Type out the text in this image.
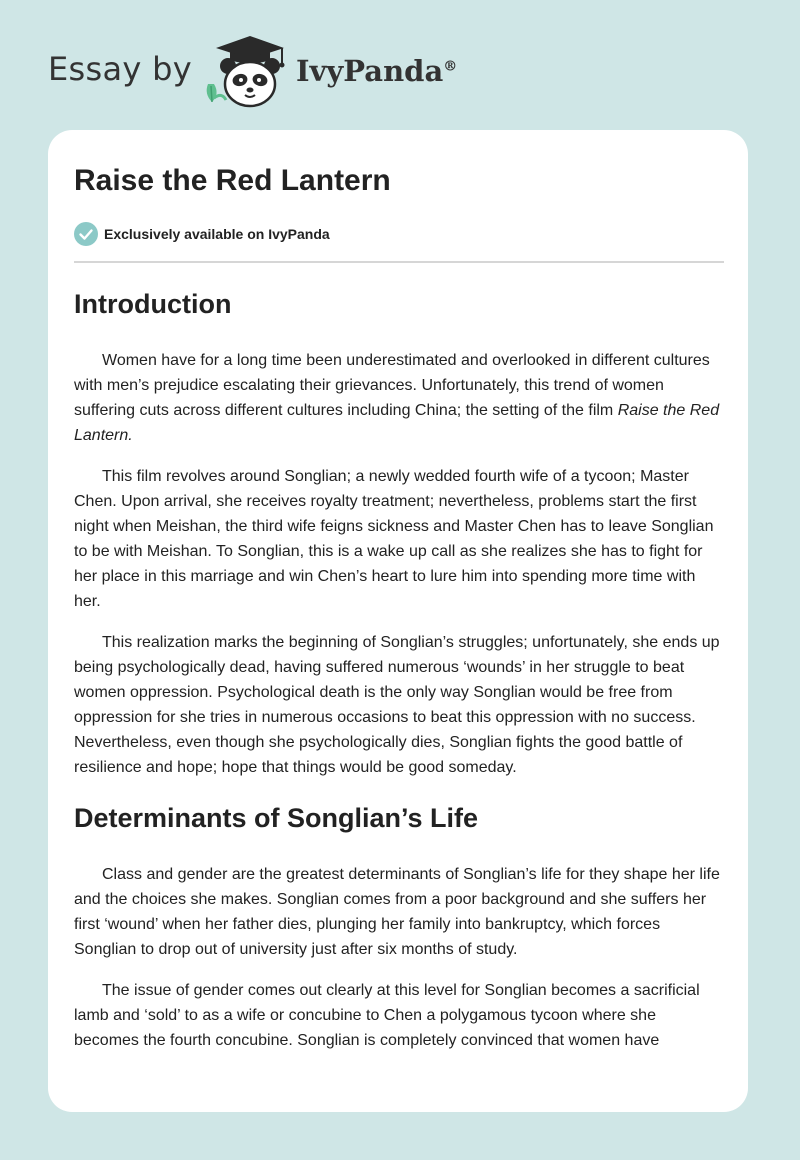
Essay by	IvyPanda®
Raise the Red Lantern
Exclusively available on IvyPanda
Introduction

Women have for a long time been underestimated and overlooked in different cultures with men’s prejudice escalating their grievances. Unfortunately, this trend of women suffering cuts across different cultures including China; the setting of the film Raise the Red Lantern.

This film revolves around Songlian; a newly wedded fourth wife of a tycoon; Master Chen. Upon arrival, she receives royalty treatment; nevertheless, problems start the first night when Meishan, the third wife feigns sickness and Master Chen has to leave Songlian to be with Meishan. To Songlian, this is a wake up call as she realizes she has to fight for her place in this marriage and win Chen’s heart to lure him into spending more time with her.

This realization marks the beginning of Songlian’s struggles; unfortunately, she ends up being psychologically dead, having suffered numerous ‘wounds’ in her struggle to beat women oppression. Psychological death is the only way Songlian would be free from oppression for she tries in numerous occasions to beat this oppression with no success. Nevertheless, even though she psychologically dies, Songlian fights the good battle of resilience and hope; hope that things would be good someday.

Determinants of Songlian’s Life

Class and gender are the greatest determinants of Songlian’s life for they shape her life and the choices she makes. Songlian comes from a poor background and she suffers her first ‘wound’ when her father dies, plunging her family into bankruptcy, which forces Songlian to drop out of university just after six months of study.

The issue of gender comes out clearly at this level for Songlian becomes a sacrificial lamb and ‘sold’ to as a wife or concubine to Chen a polygamous tycoon where she becomes the fourth concubine. Songlian is completely convinced that women have
